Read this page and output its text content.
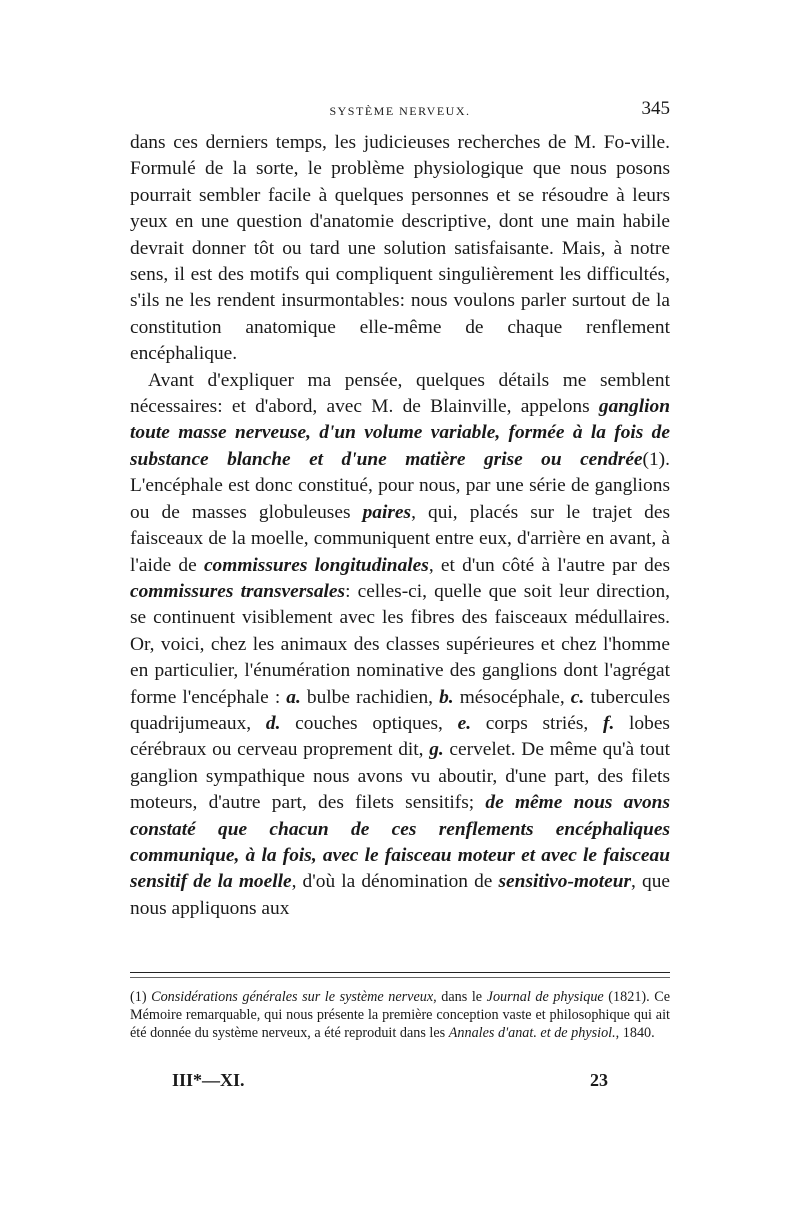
SYSTÈME NERVEUX.	345

dans ces derniers temps, les judicieuses recherches de M. Fo-ville. Formulé de la sorte, le problème physiologique que nous posons pourrait sembler facile à quelques personnes et se résoudre à leurs yeux en une question d'anatomie descriptive, dont une main habile devrait donner tôt ou tard une solution satisfaisante. Mais, à notre sens, il est des motifs qui compliquent singulièrement les difficultés, s'ils ne les rendent insurmontables: nous voulons parler surtout de la constitution anatomique elle-même de chaque renflement encéphalique.

Avant d'expliquer ma pensée, quelques détails me semblent nécessaires: et d'abord, avec M. de Blainville, appelons ganglion toute masse nerveuse, d'un volume variable, formée à la fois de substance blanche et d'une matière grise ou cendrée(1). L'encéphale est donc constitué, pour nous, par une série de ganglions ou de masses globuleuses paires, qui, placés sur le trajet des faisceaux de la moelle, communiquent entre eux, d'arrière en avant, à l'aide de commissures longitudinales, et d'un côté à l'autre par des commissures transversales: celles-ci, quelle que soit leur direction, se continuent visiblement avec les fibres des faisceaux médullaires. Or, voici, chez les animaux des classes supérieures et chez l'homme en particulier, l'énumération nominative des ganglions dont l'agrégat forme l'encéphale : a. bulbe rachidien, b. mésocéphale, c. tubercules quadrijumeaux, d. couches optiques, e. corps striés, f. lobes cérébraux ou cerveau proprement dit, g. cervelet. De même qu'à tout ganglion sympathique nous avons vu aboutir, d'une part, des filets moteurs, d'autre part, des filets sensitifs; de même nous avons constaté que chacun de ces renflements encéphaliques communique, à la fois, avec le faisceau moteur et avec le faisceau sensitif de la moelle, d'où la dénomination de sensitivo-moteur, que nous appliquons aux

(1) Considérations générales sur le système nerveux, dans le Journal de physique (1821). Ce Mémoire remarquable, qui nous présente la première conception vaste et philosophique qui ait été donnée du système nerveux, a été reproduit dans les Annales d'anat. et de physiol., 1840.
III*—XI.	23
